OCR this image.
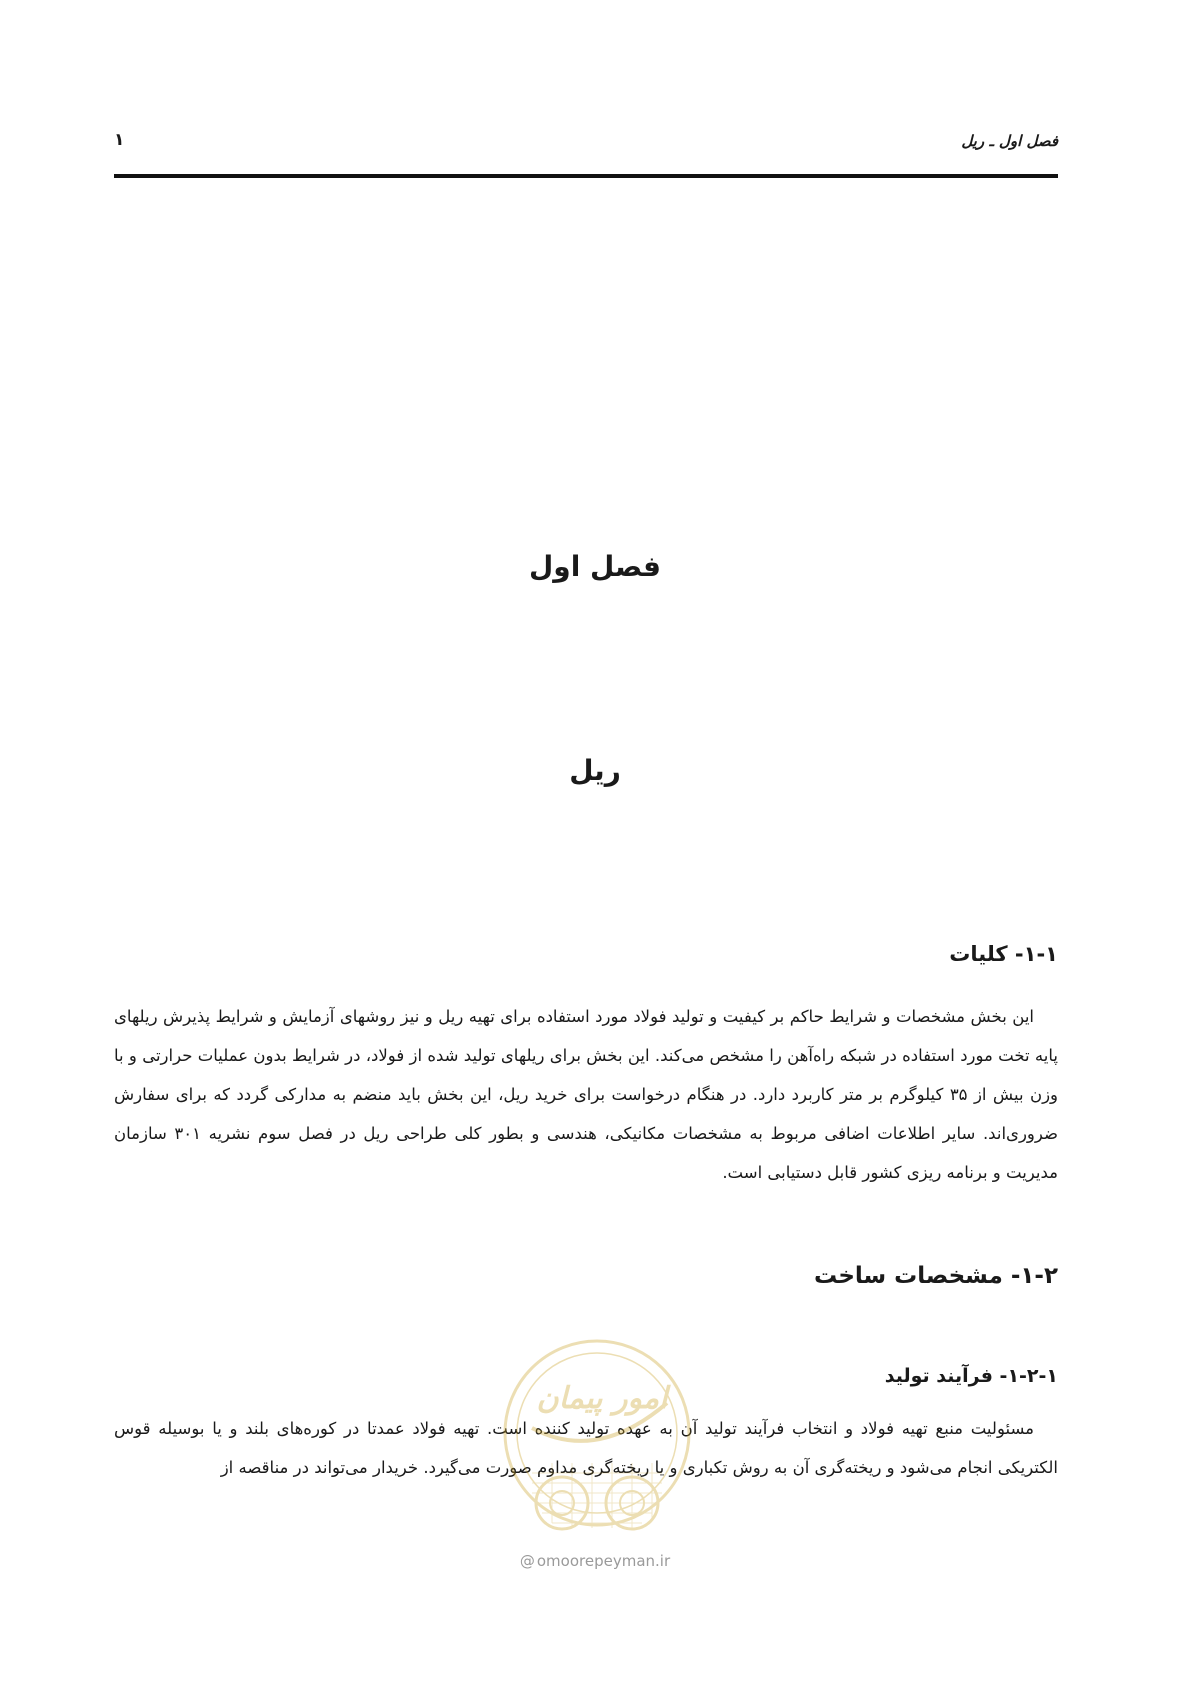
فصل اول ـ ریل
۱
فصل اول
ریل
۱-۱- کلیات
این بخش مشخصات و شرایط حاکم بر کیفیت و تولید فولاد مورد استفاده برای تهیه ریل و نیز روشهای آزمایش و شرایط پذیرش ریلهای پایه تخت مورد استفاده در شبکه راه‌آهن را مشخص می‌کند. این بخش برای ریلهای تولید شده از فولاد، در شرایط بدون عملیات حرارتی و با وزن بیش از ۳۵ کیلوگرم بر متر کاربرد دارد. در هنگام درخواست برای خرید ریل، این بخش باید منضم به مدارکی گردد که برای سفارش ضروری‌اند. سایر اطلاعات اضافی مربوط به مشخصات مکانیکی، هندسی و بطور کلی طراحی ریل در فصل سوم نشریه ۳۰۱ سازمان مدیریت و برنامه ریزی کشور قابل دستیابی است.
۱-۲- مشخصات ساخت
۱-۲-۱- فرآیند تولید
مسئولیت منبع تهیه فولاد و انتخاب فرآیند تولید آن به عهده تولید کننده است. تهیه فولاد عمدتا در کوره‌های بلند و یا بوسیله قوس الکتریکی انجام می‌شود و ریخته‌گری آن به روش تکباری و یا ریخته‌گری مداوم صورت می‌گیرد. خریدار می‌تواند در مناقصه از
امور پیمان
@ omoorepeyman.ir
